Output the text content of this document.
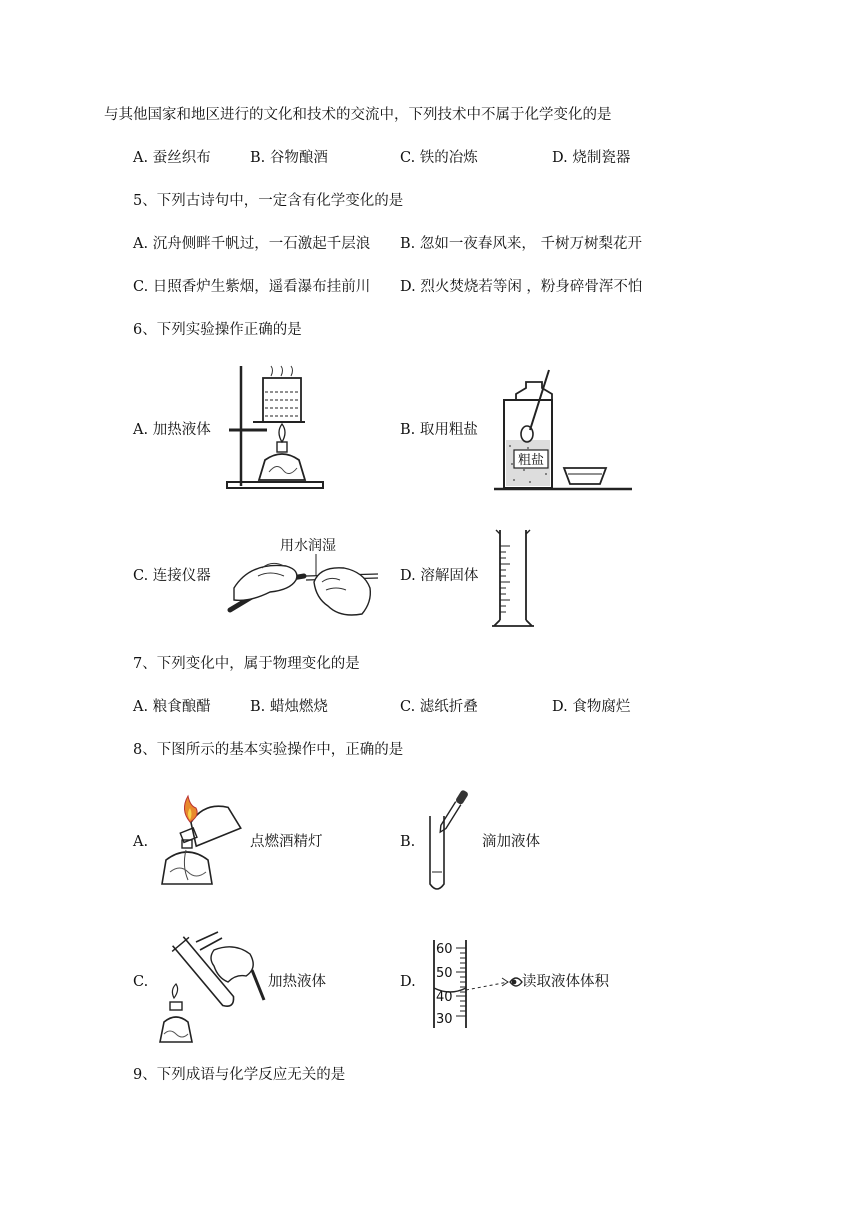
与其他国家和地区进行的文化和技术的交流中，下列技术中不属于化学变化的是
A. 蚕丝织布	B. 谷物酿酒	C. 铁的冶炼	D. 烧制瓷器
5、下列古诗句中，一定含有化学变化的是
A. 沉舟侧畔千帆过，一石激起千层浪 B. 忽如一夜春风来， 千树万树梨花开
C. 日照香炉生紫烟，遥看瀑布挂前川 D. 烈火焚烧若等闲 ，粉身碎骨浑不怕
6、下列实验操作正确的是
A. 加热液体	B. 取用粗盐
粗盐
C. 连接仪器
用水润湿
D. 溶解固体
7、下列变化中，属于物理变化的是
A. 粮食酿醋	B. 蜡烛燃烧	C. 滤纸折叠	D. 食物腐烂
8、下图所示的基本实验操作中，正确的是
A.	点燃酒精灯	B.	滴加液体
C.	加热液体	D.
60
50
40
30
读取液体体积
9、下列成语与化学反应无关的是
